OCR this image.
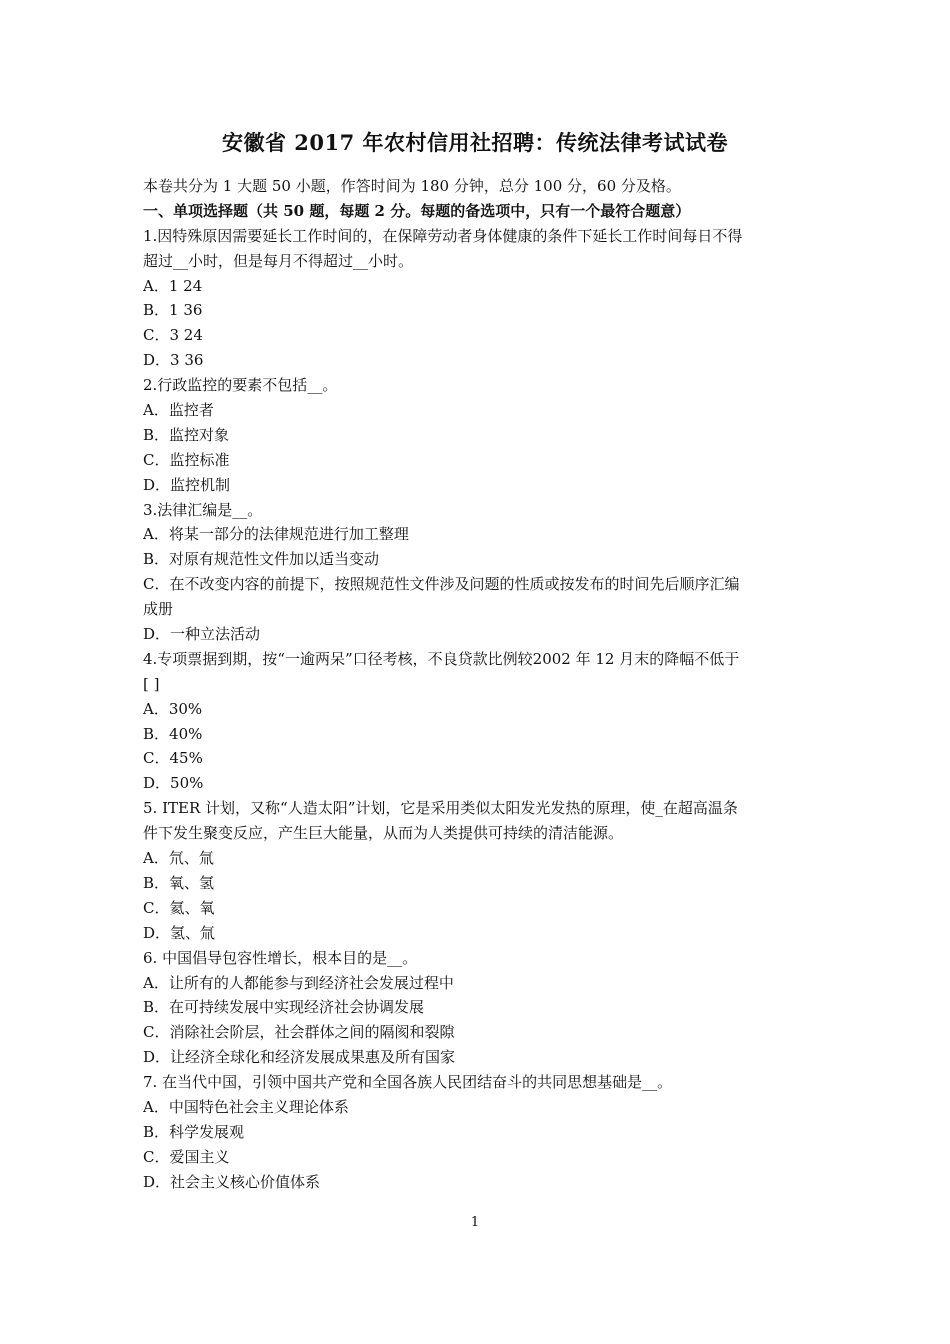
安徽省 2017 年农村信用社招聘：传统法律考试试卷
本卷共分为 1 大题 50 小题，作答时间为 180 分钟，总分 100 分，60 分及格。
一、单项选择题（共 50 题，每题 2 分。每题的备选项中，只有一个最符合题意）
1.因特殊原因需要延长工作时间的，在保障劳动者身体健康的条件下延长工作时间每日不得
超过__小时，但是每月不得超过__小时。
A．1 24
B．1 36
C．3 24
D．3 36
2.行政监控的要素不包括__。
A．监控者
B．监控对象
C．监控标准
D．监控机制
3.法律汇编是__。
A．将某一部分的法律规范进行加工整理
B．对原有规范性文件加以适当变动
C．在不改变内容的前提下，按照规范性文件涉及问题的性质或按发布的时间先后顺序汇编
成册
D．一种立法活动
4.专项票据到期，按“一逾两呆”口径考核，不良贷款比例较2002 年 12 月末的降幅不低于
[ ]
A．30%
B．40%
C．45%
D．50%
5. ITER 计划，又称“人造太阳”计划，它是采用类似太阳发光发热的原理，使_在超高温条
件下发生聚变反应，产生巨大能量，从而为人类提供可持续的清洁能源。
A．氘、氚
B．氧、氢
C．氦、氧
D．氢、氚
6. 中国倡导包容性增长，根本目的是__。
A．让所有的人都能参与到经济社会发展过程中
B．在可持续发展中实现经济社会协调发展
C．消除社会阶层，社会群体之间的隔阂和裂隙
D．让经济全球化和经济发展成果惠及所有国家
7. 在当代中国，引领中国共产党和全国各族人民团结奋斗的共同思想基础是__。
A．中国特色社会主义理论体系
B．科学发展观
C．爱国主义
D．社会主义核心价值体系
1
